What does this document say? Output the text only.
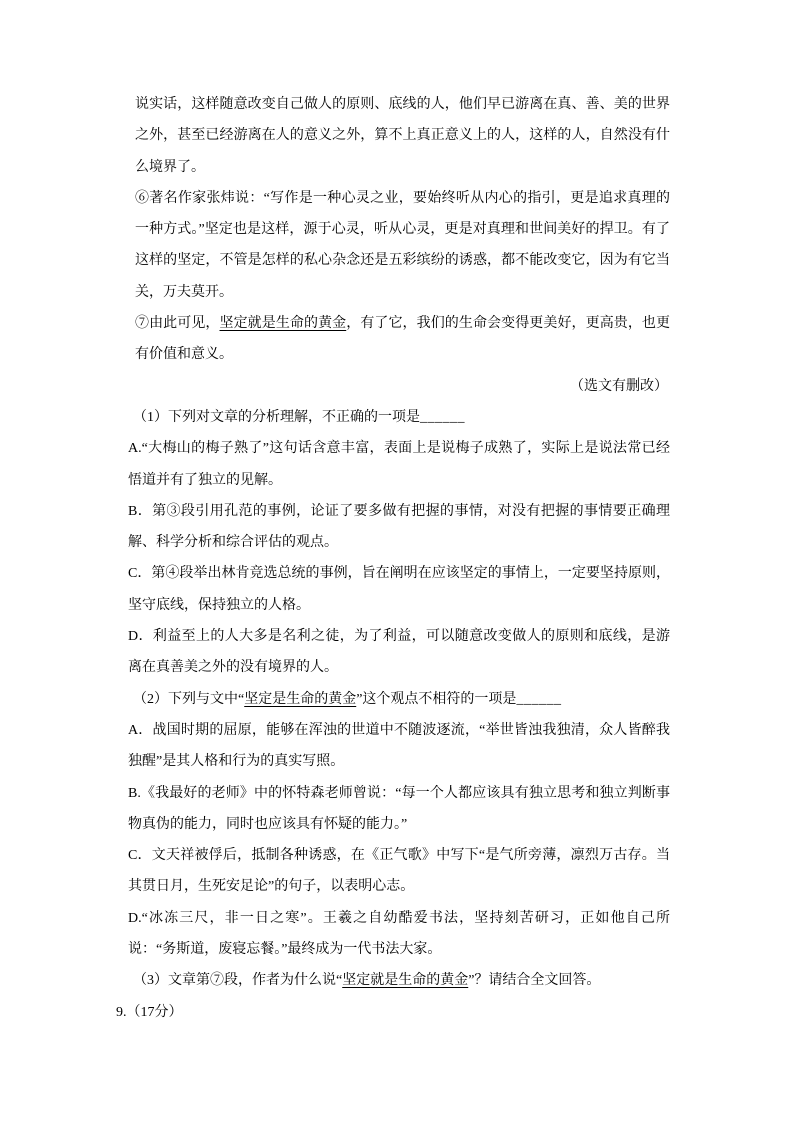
说实话，这样随意改变自己做人的原则、底线的人，他们早已游离在真、善、美的世界之外，甚至已经游离在人的意义之外，算不上真正意义上的人，这样的人，自然没有什么境界了。

⑥著名作家张炜说：“写作是一种心灵之业，要始终听从内心的指引，更是追求真理的一种方式。”坚定也是这样，源于心灵，听从心灵，更是对真理和世间美好的捍卫。有了这样的坚定，不管是怎样的私心杂念还是五彩缤纷的诱惑，都不能改变它，因为有它当关，万夫莫开。

⑦由此可见，坚定就是生命的黄金，有了它，我们的生命会变得更美好，更高贵，也更有价值和意义。

（选文有删改）

（1）下列对文章的分析理解，不正确的一项是______

A.“大梅山的梅子熟了”这句话含意丰富，表面上是说梅子成熟了，实际上是说法常已经悟道并有了独立的见解。

B．第③段引用孔范的事例，论证了要多做有把握的事情，对没有把握的事情要正确理解、科学分析和综合评估的观点。

C．第④段举出林肯竞选总统的事例，旨在阐明在应该坚定的事情上，一定要坚持原则，坚守底线，保持独立的人格。

D．利益至上的人大多是名利之徒，为了利益，可以随意改变做人的原则和底线，是游离在真善美之外的没有境界的人。

（2）下列与文中“坚定是生命的黄金”这个观点不相符的一项是______

A．战国时期的屈原，能够在浑浊的世道中不随波逐流，“举世皆浊我独清，众人皆醉我独醒”是其人格和行为的真实写照。

B.《我最好的老师》中的怀特森老师曾说：“每一个人都应该具有独立思考和独立判断事物真伪的能力，同时也应该具有怀疑的能力。”

C．文天祥被俘后，抵制各种诱惑，在《正气歌》中写下“是气所旁薄，凛烈万古存。当其贯日月，生死安足论”的句子，以表明心志。

D.“冰冻三尺，非一日之寒”。王羲之自幼酷爱书法，坚持刻苦研习，正如他自己所说：“务斯道，废寝忘餐。”最终成为一代书法大家。

（3）文章第⑦段，作者为什么说“坚定就是生命的黄金”？请结合全文回答。

9.（17分）
